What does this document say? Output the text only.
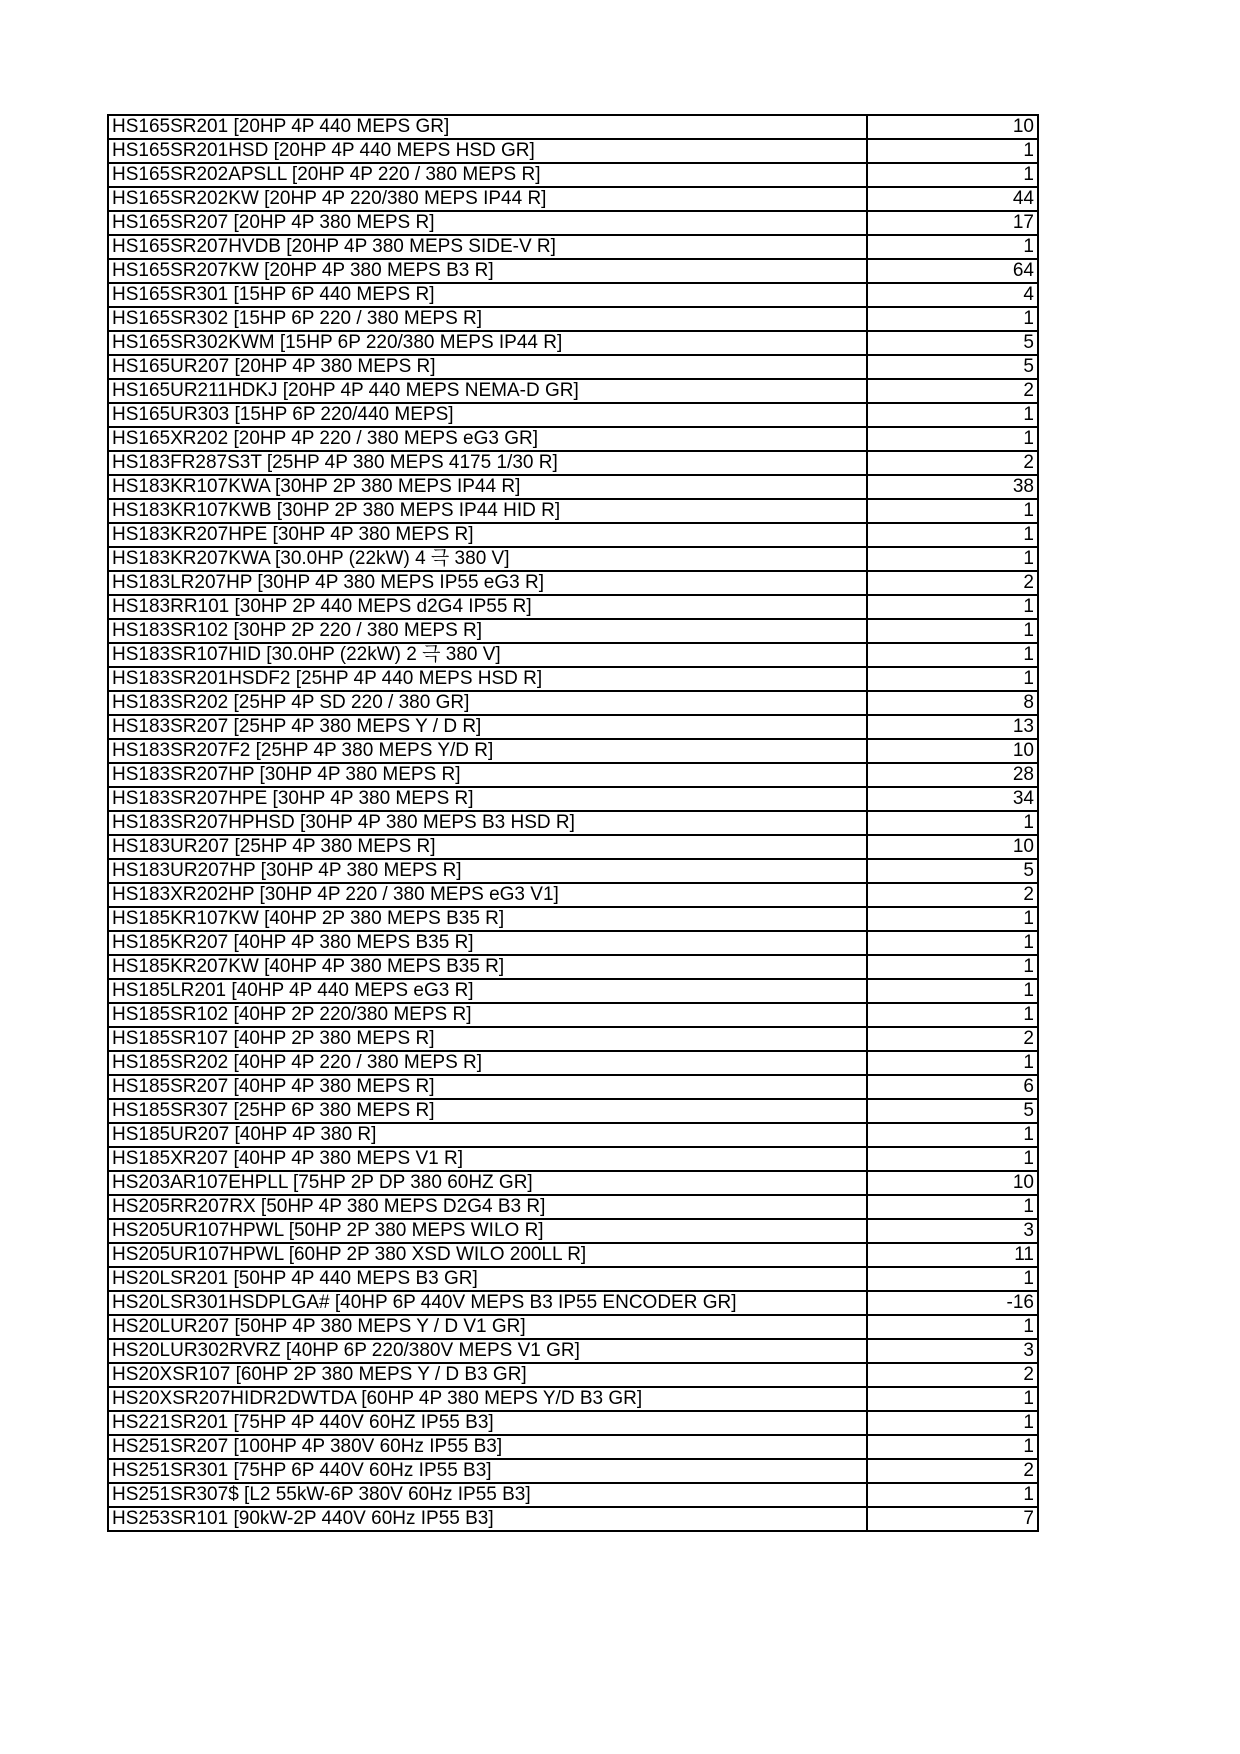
HS165SR201 [20HP 4P 440 MEPS GR]	10
HS165SR201HSD [20HP 4P 440 MEPS HSD GR]	1
HS165SR202APSLL [20HP 4P 220 / 380 MEPS R]	1
HS165SR202KW [20HP 4P 220/380 MEPS IP44 R]	44
HS165SR207 [20HP 4P 380 MEPS R]	17
HS165SR207HVDB [20HP 4P 380 MEPS SIDE-V R]	1
HS165SR207KW [20HP 4P 380 MEPS B3 R]	64
HS165SR301 [15HP 6P 440 MEPS R]	4
HS165SR302 [15HP 6P 220 / 380 MEPS R]	1
HS165SR302KWM [15HP 6P 220/380 MEPS IP44 R]	5
HS165UR207 [20HP 4P 380 MEPS R]	5
HS165UR211HDKJ [20HP 4P 440 MEPS NEMA-D GR]	2
HS165UR303 [15HP 6P 220/440 MEPS]	1
HS165XR202 [20HP 4P 220 / 380 MEPS eG3 GR]	1
HS183FR287S3T [25HP 4P 380 MEPS 4175 1/30 R]	2
HS183KR107KWA [30HP 2P 380 MEPS IP44 R]	38
HS183KR107KWB [30HP 2P 380 MEPS IP44 HID R]	1
HS183KR207HPE [30HP 4P 380 MEPS R]	1
HS183KR207KWA [30.0HP (22kW) 4 극 380 V]	1
HS183LR207HP [30HP 4P 380 MEPS IP55 eG3 R]	2
HS183RR101 [30HP 2P 440 MEPS d2G4 IP55 R]	1
HS183SR102 [30HP 2P 220 / 380 MEPS R]	1
HS183SR107HID [30.0HP (22kW) 2 극 380 V]	1
HS183SR201HSDF2 [25HP 4P 440 MEPS HSD R]	1
HS183SR202 [25HP 4P SD 220 / 380 GR]	8
HS183SR207 [25HP 4P 380 MEPS Y / D R]	13
HS183SR207F2 [25HP 4P 380 MEPS Y/D R]	10
HS183SR207HP [30HP 4P 380 MEPS R]	28
HS183SR207HPE [30HP 4P 380 MEPS R]	34
HS183SR207HPHSD [30HP 4P 380 MEPS B3 HSD R]	1
HS183UR207 [25HP 4P 380 MEPS R]	10
HS183UR207HP [30HP 4P 380 MEPS R]	5
HS183XR202HP [30HP 4P 220 / 380 MEPS eG3 V1]	2
HS185KR107KW [40HP 2P 380 MEPS B35 R]	1
HS185KR207 [40HP 4P 380 MEPS B35 R]	1
HS185KR207KW [40HP 4P 380 MEPS B35 R]	1
HS185LR201 [40HP 4P 440 MEPS eG3 R]	1
HS185SR102 [40HP 2P 220/380 MEPS R]	1
HS185SR107 [40HP 2P 380 MEPS R]	2
HS185SR202 [40HP 4P 220 / 380 MEPS R]	1
HS185SR207 [40HP 4P 380 MEPS R]	6
HS185SR307 [25HP 6P 380 MEPS R]	5
HS185UR207 [40HP 4P 380 R]	1
HS185XR207 [40HP 4P 380 MEPS V1 R]	1
HS203AR107EHPLL [75HP 2P DP 380 60HZ GR]	10
HS205RR207RX [50HP 4P 380 MEPS D2G4 B3 R]	1
HS205UR107HPWL [50HP 2P 380 MEPS WILO R]	3
HS205UR107HPWL [60HP 2P 380 XSD WILO 200LL R]	11
HS20LSR201 [50HP 4P 440 MEPS B3 GR]	1
HS20LSR301HSDPLGA# [40HP 6P 440V MEPS B3 IP55 ENCODER GR]	-16
HS20LUR207 [50HP 4P 380 MEPS Y / D V1 GR]	1
HS20LUR302RVRZ [40HP 6P 220/380V MEPS V1 GR]	3
HS20XSR107 [60HP 2P 380 MEPS Y / D B3 GR]	2
HS20XSR207HIDR2DWTDA [60HP 4P 380 MEPS Y/D B3 GR]	1
HS221SR201 [75HP 4P 440V 60HZ IP55 B3]	1
HS251SR207 [100HP 4P 380V 60Hz IP55 B3]	1
HS251SR301 [75HP 6P 440V 60Hz IP55 B3]	2
HS251SR307$ [L2 55kW-6P 380V 60Hz IP55 B3]	1
HS253SR101 [90kW-2P 440V 60Hz IP55 B3]	7
